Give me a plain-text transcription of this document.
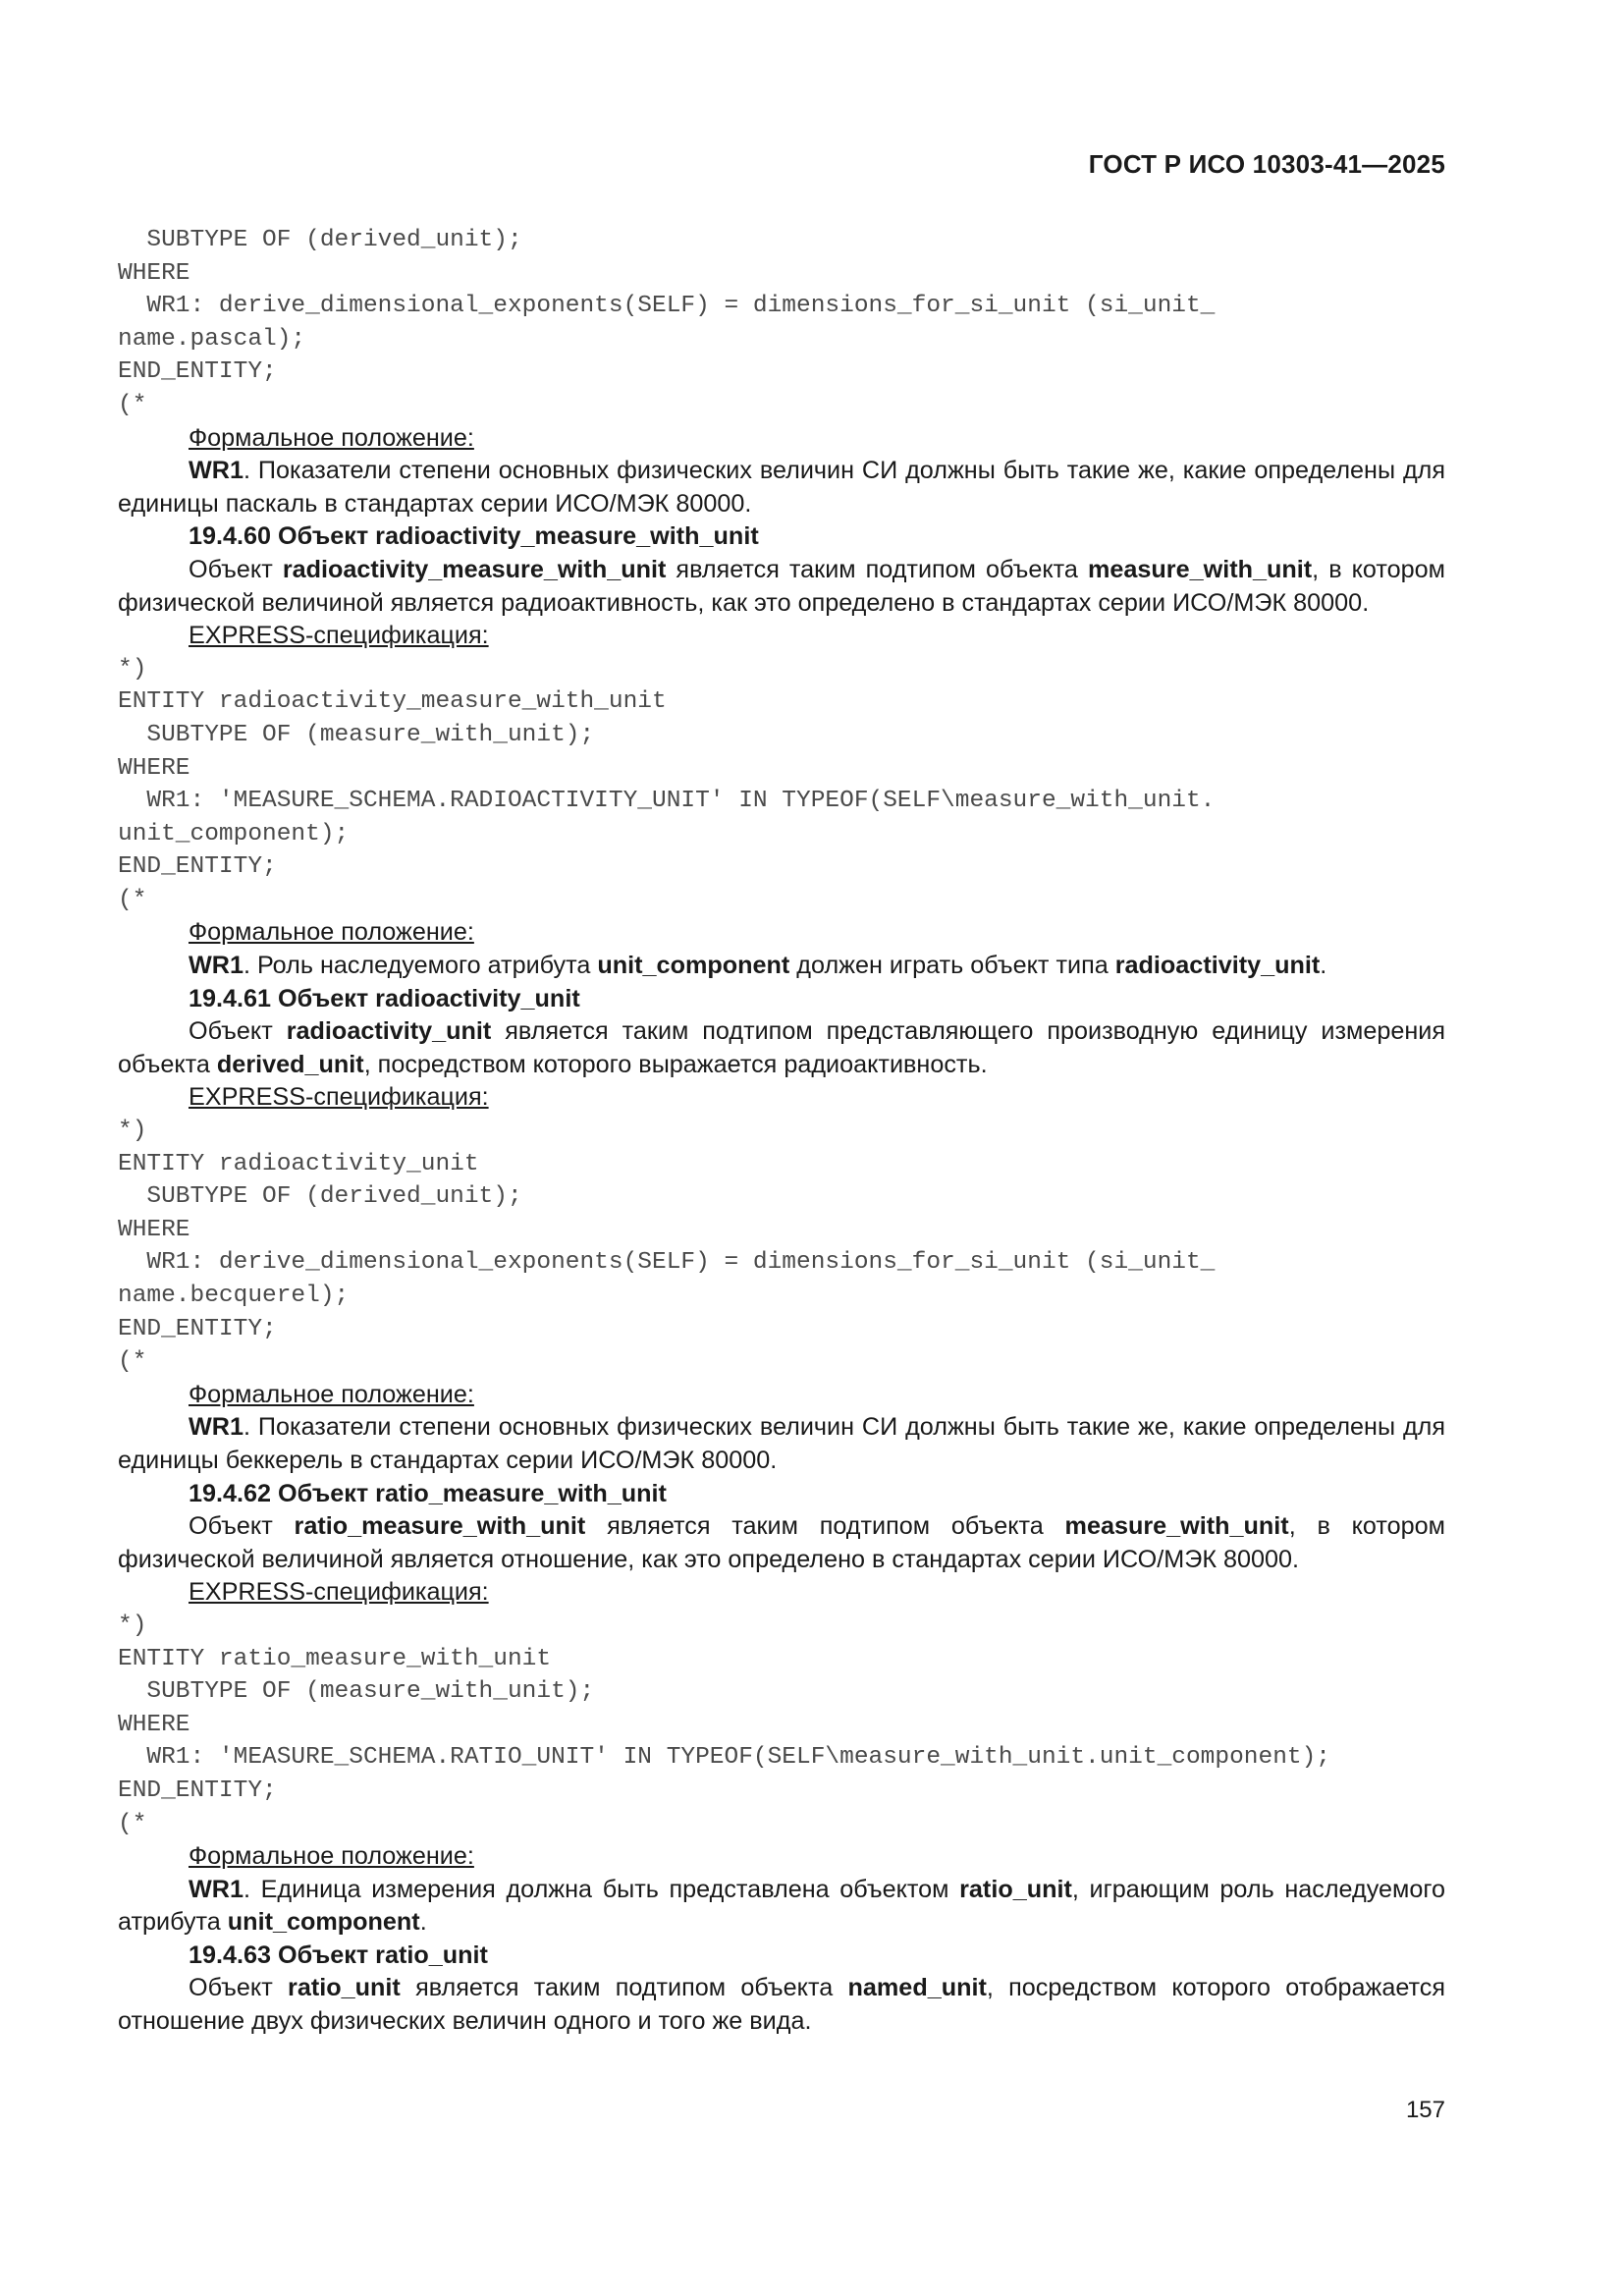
ГОСТ Р ИСО 10303-41—2025
SUBTYPE OF (derived_unit);
WHERE
WR1: derive_dimensional_exponents(SELF) = dimensions_for_si_unit (si_unit_
name.pascal);
END_ENTITY;
(*

Формальное положение:

WR1. Показатели степени основных физических величин СИ должны быть такие же, какие определены для единицы паскаль в стандартах серии ИСО/МЭК 80000.

19.4.60 Объект radioactivity_measure_with_unit

Объект radioactivity_measure_with_unit является таким подтипом объекта measure_with_unit, в котором физической величиной является радиоактивность, как это определено в стандартах серии ИСО/МЭК 80000.

EXPRESS-спецификация:

*)
ENTITY radioactivity_measure_with_unit
SUBTYPE OF (measure_with_unit);
WHERE
WR1: 'MEASURE_SCHEMA.RADIOACTIVITY_UNIT' IN TYPEOF(SELF\measure_with_unit.
unit_component);
END_ENTITY;
(*

Формальное положение:

WR1. Роль наследуемого атрибута unit_component должен играть объект типа radioactivity_unit.

19.4.61 Объект radioactivity_unit

Объект radioactivity_unit является таким подтипом представляющего производную единицу измерения объекта derived_unit, посредством которого выражается радиоактивность.

EXPRESS-спецификация:

*)
ENTITY radioactivity_unit
SUBTYPE OF (derived_unit);
WHERE
WR1: derive_dimensional_exponents(SELF) = dimensions_for_si_unit (si_unit_
name.becquerel);
END_ENTITY;
(*

Формальное положение:

WR1. Показатели степени основных физических величин СИ должны быть такие же, какие определены для единицы беккерель в стандартах серии ИСО/МЭК 80000.

19.4.62 Объект ratio_measure_with_unit

Объект ratio_measure_with_unit является таким подтипом объекта measure_with_unit, в котором физической величиной является отношение, как это определено в стандартах серии ИСО/МЭК 80000.

EXPRESS-спецификация:

*)
ENTITY ratio_measure_with_unit
SUBTYPE OF (measure_with_unit);
WHERE
WR1: 'MEASURE_SCHEMA.RATIO_UNIT' IN TYPEOF(SELF\measure_with_unit.unit_component);
END_ENTITY;
(*

Формальное положение:

WR1. Единица измерения должна быть представлена объектом ratio_unit, играющим роль наследуемого атрибута unit_component.

19.4.63 Объект ratio_unit

Объект ratio_unit является таким подтипом объекта named_unit, посредством которого отображается отношение двух физических величин одного и того же вида.

157
